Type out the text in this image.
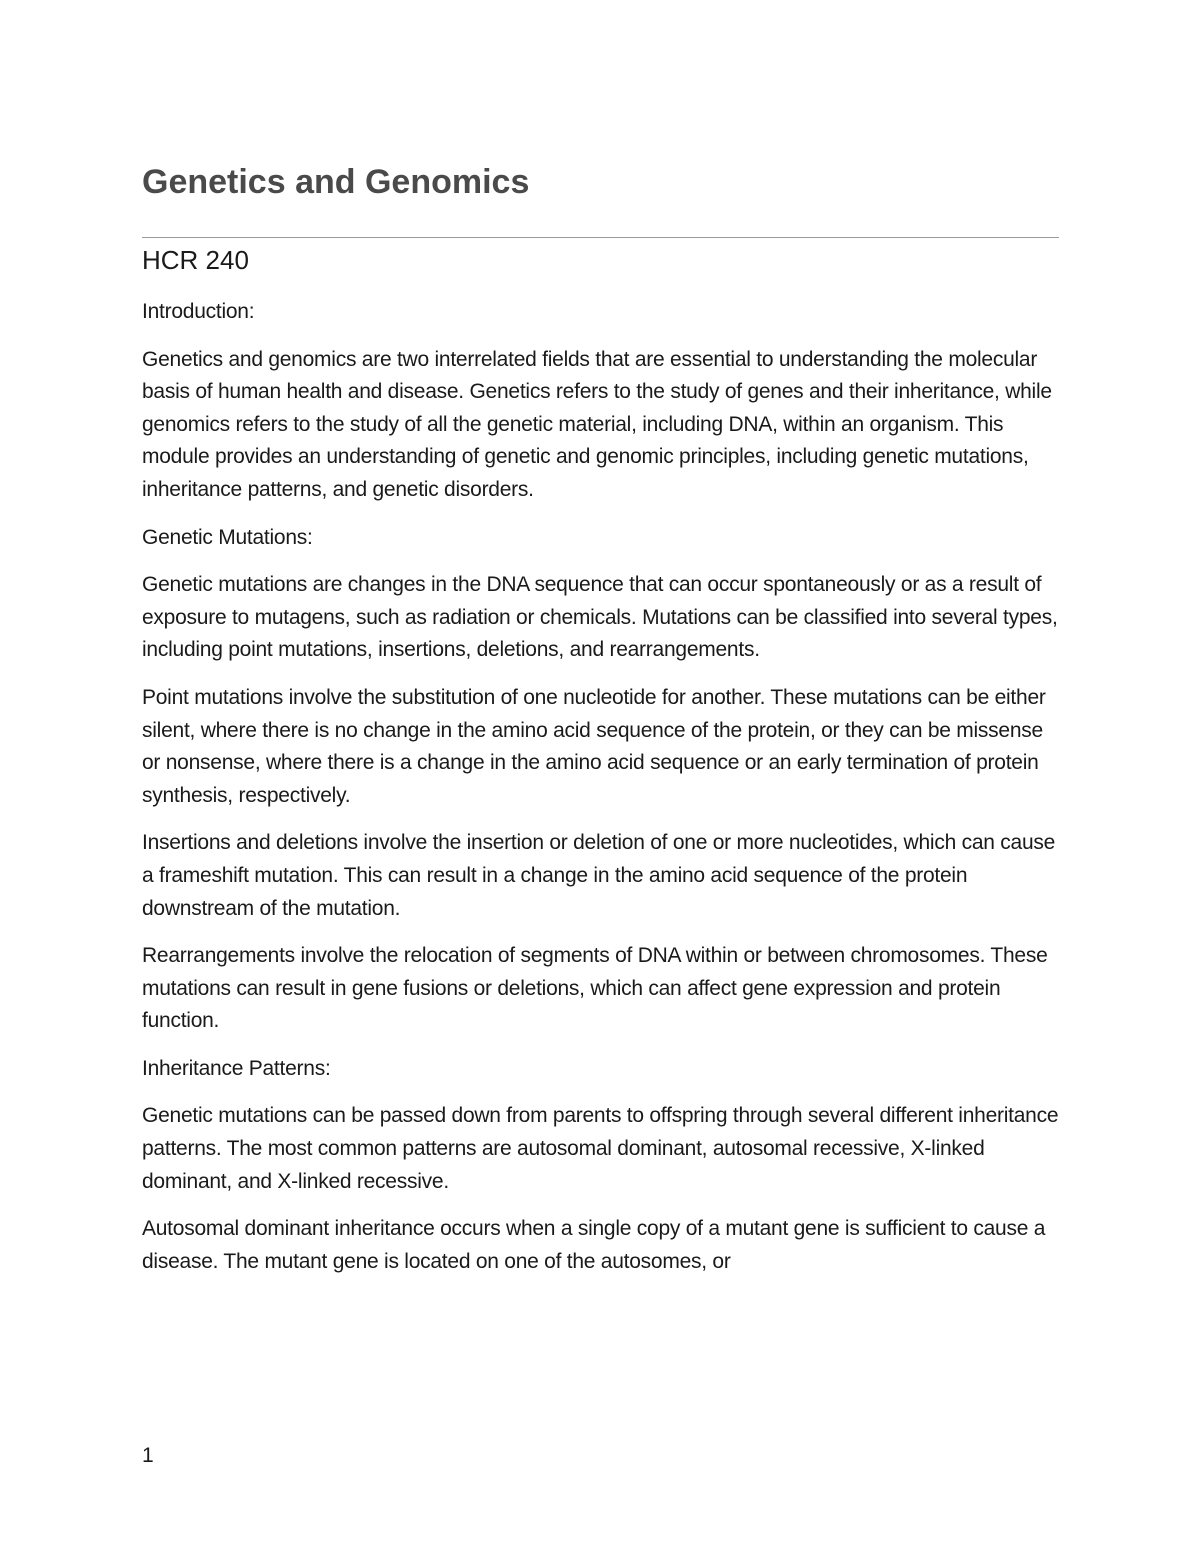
Genetics and Genomics
HCR 240

Introduction:

Genetics and genomics are two interrelated fields that are essential to understanding the molecular basis of human health and disease. Genetics refers to the study of genes and their inheritance, while genomics refers to the study of all the genetic material, including DNA, within an organism. This module provides an understanding of genetic and genomic principles, including genetic mutations, inheritance patterns, and genetic disorders.

Genetic Mutations:

Genetic mutations are changes in the DNA sequence that can occur spontaneously or as a result of exposure to mutagens, such as radiation or chemicals. Mutations can be classified into several types, including point mutations, insertions, deletions, and rearrangements.

Point mutations involve the substitution of one nucleotide for another. These mutations can be either silent, where there is no change in the amino acid sequence of the protein, or they can be missense or nonsense, where there is a change in the amino acid sequence or an early termination of protein synthesis, respectively.

Insertions and deletions involve the insertion or deletion of one or more nucleotides, which can cause a frameshift mutation. This can result in a change in the amino acid sequence of the protein downstream of the mutation.

Rearrangements involve the relocation of segments of DNA within or between chromosomes. These mutations can result in gene fusions or deletions, which can affect gene expression and protein function.

Inheritance Patterns:

Genetic mutations can be passed down from parents to offspring through several different inheritance patterns. The most common patterns are autosomal dominant, autosomal recessive, X-linked dominant, and X-linked recessive.

Autosomal dominant inheritance occurs when a single copy of a mutant gene is sufficient to cause a disease. The mutant gene is located on one of the autosomes, or

1
